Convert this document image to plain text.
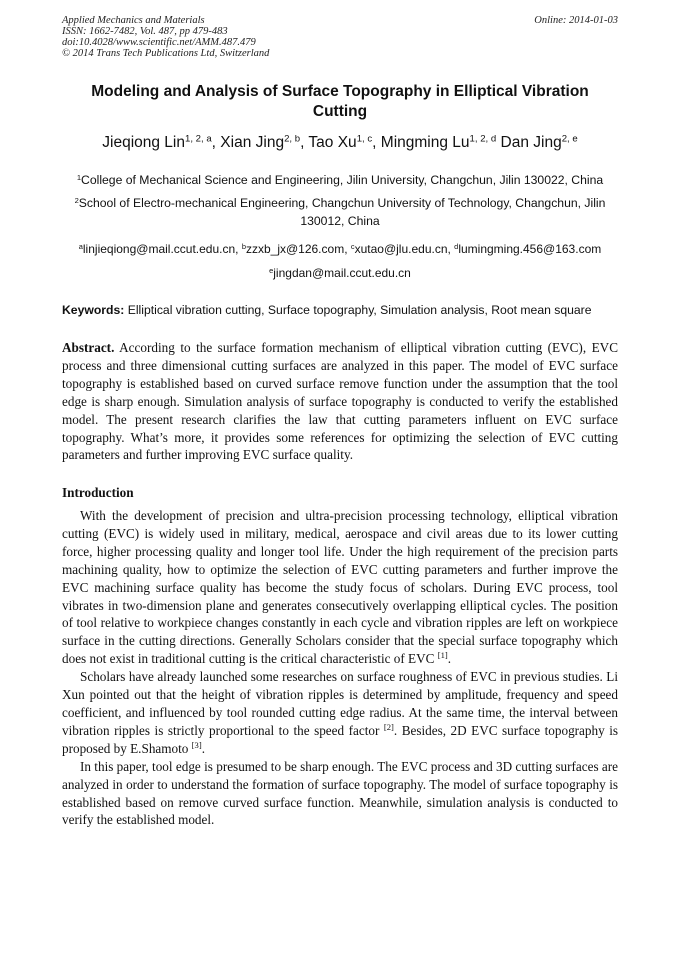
Applied Mechanics and Materials
ISSN: 1662-7482, Vol. 487, pp 479-483
doi:10.4028/www.scientific.net/AMM.487.479
© 2014 Trans Tech Publications Ltd, Switzerland
Online: 2014-01-03
Modeling and Analysis of Surface Topography in Elliptical Vibration Cutting
Jieqiong Lin$^{1, 2, a}$, Xian Jing$^{2, b}$, Tao Xu$^{1, c}$, Mingming Lu$^{1, 2, d}$ Dan Jing$^{2, e}$
$^1$College of Mechanical Science and Engineering, Jilin University, Changchun, Jilin 130022, China
$^2$School of Electro-mechanical Engineering, Changchun University of Technology, Changchun, Jilin 130012, China
$^a$linjieqiong@mail.ccut.edu.cn, $^b$zzxb_jx@126.com, $^c$xutao@jlu.edu.cn, $^d$lumingming.456@163.com
$^e$jingdan@mail.ccut.edu.cn
Keywords: Elliptical vibration cutting, Surface topography, Simulation analysis, Root mean square
Abstract. According to the surface formation mechanism of elliptical vibration cutting (EVC), EVC process and three dimensional cutting surfaces are analyzed in this paper. The model of EVC surface topography is established based on curved surface remove function under the assumption that the tool edge is sharp enough. Simulation analysis of surface topography is conducted to verify the established model. The present research clarifies the law that cutting parameters influent on EVC surface topography. What’s more, it provides some references for optimizing the selection of EVC cutting parameters and further improving EVC surface quality.
Introduction

With the development of precision and ultra-precision processing technology, elliptical vibration cutting (EVC) is widely used in military, medical, aerospace and civil areas due to its lower cutting force, higher processing quality and longer tool life. Under the high requirement of the precision parts machining quality, how to optimize the selection of EVC cutting parameters and further improve the EVC machining surface quality has become the study focus of scholars. During EVC process, tool vibrates in two-dimension plane and generates consecutively overlapping elliptical cycles. The position of tool relative to workpiece changes constantly in each cycle and vibration ripples are left on workpiece surface in the cutting directions. Generally Scholars consider that the special surface topography which does not exist in traditional cutting is the critical characteristic of EVC [1].

Scholars have already launched some researches on surface roughness of EVC in previous studies. Li Xun pointed out that the height of vibration ripples is determined by amplitude, frequency and speed coefficient, and influenced by tool rounded cutting edge radius. At the same time, the interval between vibration ripples is strictly proportional to the speed factor [2]. Besides, 2D EVC surface topography is proposed by E.Shamoto [3].

In this paper, tool edge is presumed to be sharp enough. The EVC process and 3D cutting surfaces are analyzed in order to understand the formation of surface topography. The model of surface topography is established based on remove curved surface function. Meanwhile, simulation analysis is conducted to verify the established model.
